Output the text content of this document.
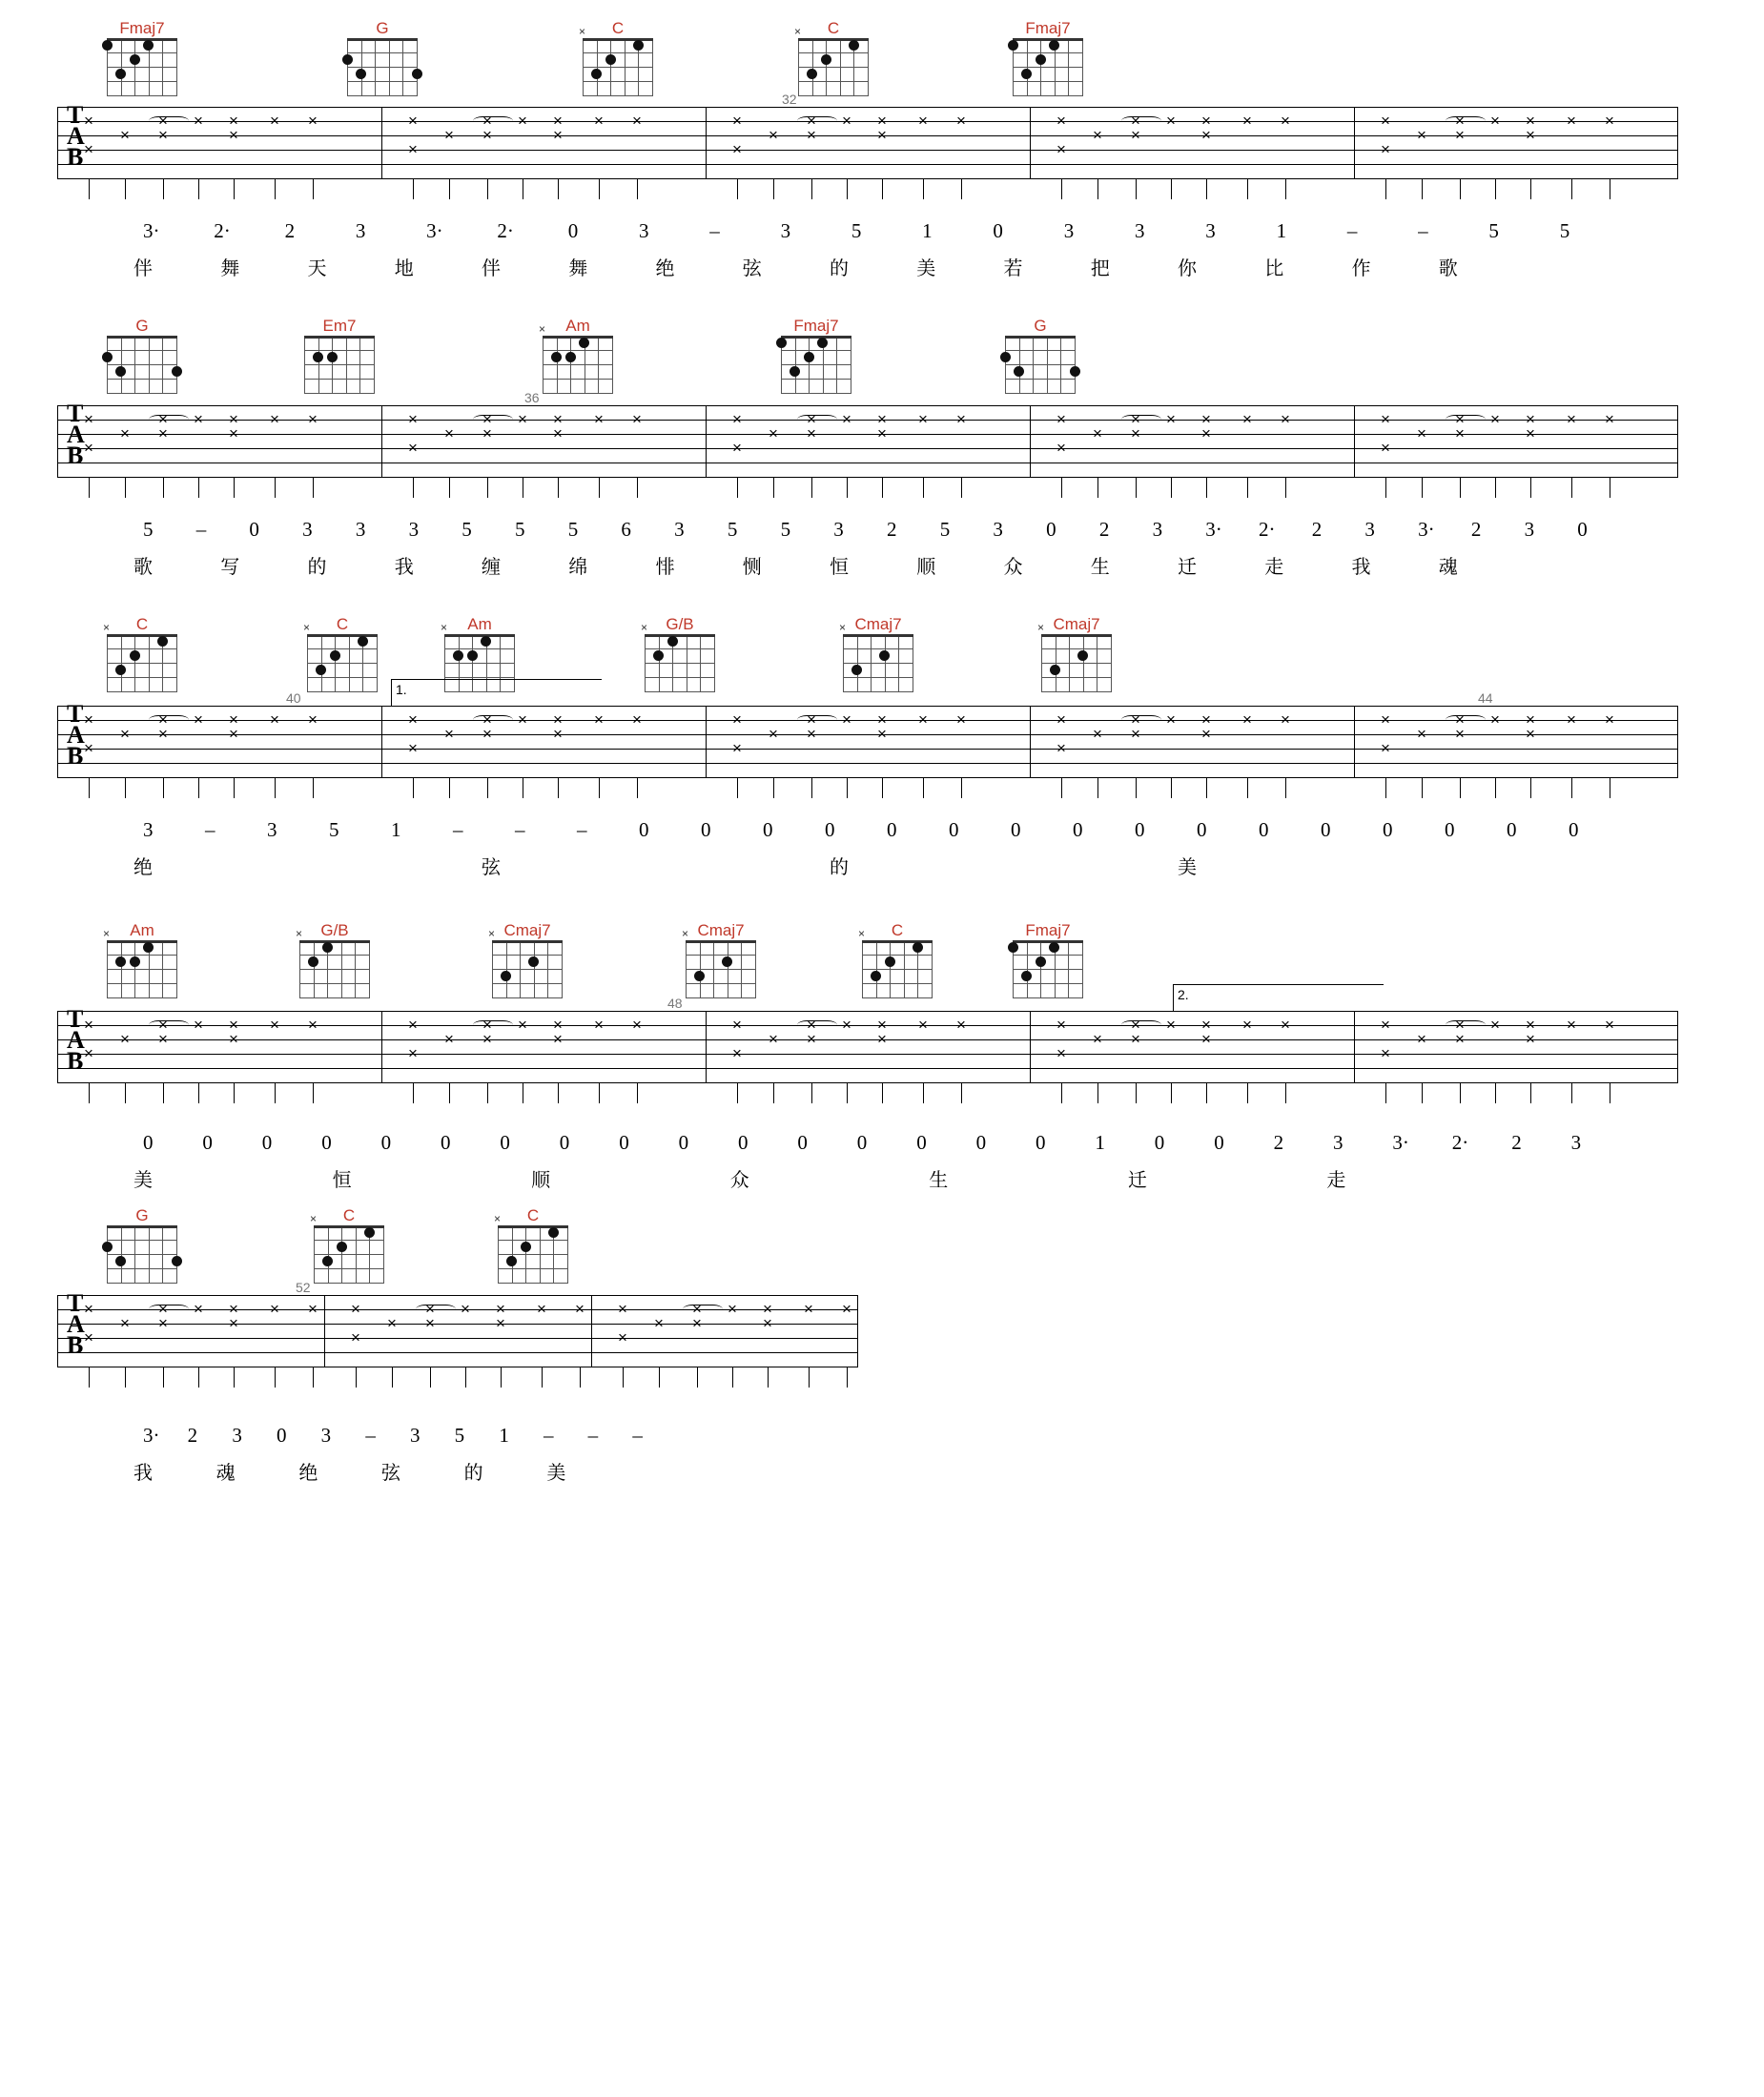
Fmaj7	G	C
×	C
×	Fmaj7
T
A
B
×
×
×
×
×
× ×
×
× ×	×
×
×
×
×
× ×
×
× ×	×
×
×
×
×
× ×
×
× ×	×
×
×
×
×
× ×
×
× ×	×
×
×
×
×
× ×
×
× ×
32
3·	2·	2	3	3·	2·	0	3	–	3	5	1	0	3	3	3	1	–	–	5	5
伴	舞	天	地	伴	舞	绝	弦	的	美	若	把	你	比	作	歌
G	Em7	Am
×	Fmaj7	G
T
A
B
×
×
×
×
×
× ×
×
× ×	×
×
×
×
×
× ×
×
× ×	×
×
×
×
×
× ×
×
× ×	×
×
×
×
×
× ×
×
× ×	×
×
×
×
×
× ×
×
× ×
36
5 – 0 3 3 3 5 5 5 6 3 5 5 3 2 5 3 0 2 3 3· 2· 2 3 3· 2 3 0
歌	写	的	我	缠	绵	悱	恻	恒	顺	众	生	迁	走	我	魂
C
×	C
×	Am
×	G/B
×	Cmaj7
×	Cmaj7
×
T
A
B
×
×
×
×
×
× ×
×
× ×	×
×
×
×
×
× ×
×
× ×	×
×
×
×
×
× ×
×
× ×	×
×
×
×
×
× ×
×
× ×	×
×
×
×
×
× ×
×
× ×
40	44
1.
3	–	3	5	1	–	–	–	0	0	0	0	0	0	0	0	0	0	0	0	0	0	0	0
绝	弦	的	美
Am
×	G/B
×	Cmaj7
×	Cmaj7
×	C
×	Fmaj7
T
A
B
×
×
×
×
×
× ×
×
× ×	×
×
×
×
×
× ×
×
× ×	×
×
×
×
×
× ×
×
× ×	×
×
×
×
×
× ×
×
× ×	×
×
×
×
×
× ×
×
× ×
48
2.
0 0 0 0 0 0 0 0 0 0 0 0 0 0 0 0 1 0 0 2 3 3· 2· 2 3
美	恒	顺	众	生	迁	走
G	C
×	C
×
T
A
B
×
×
×
×
×
× ×
×
× × ×
×
×
×
×
× ×
×
× × ×
×
×
×
×
× ×
×
× ×
52
3· 2 3 0 3 – 3 5 1 – – –
我	魂	绝	弦	的	美
